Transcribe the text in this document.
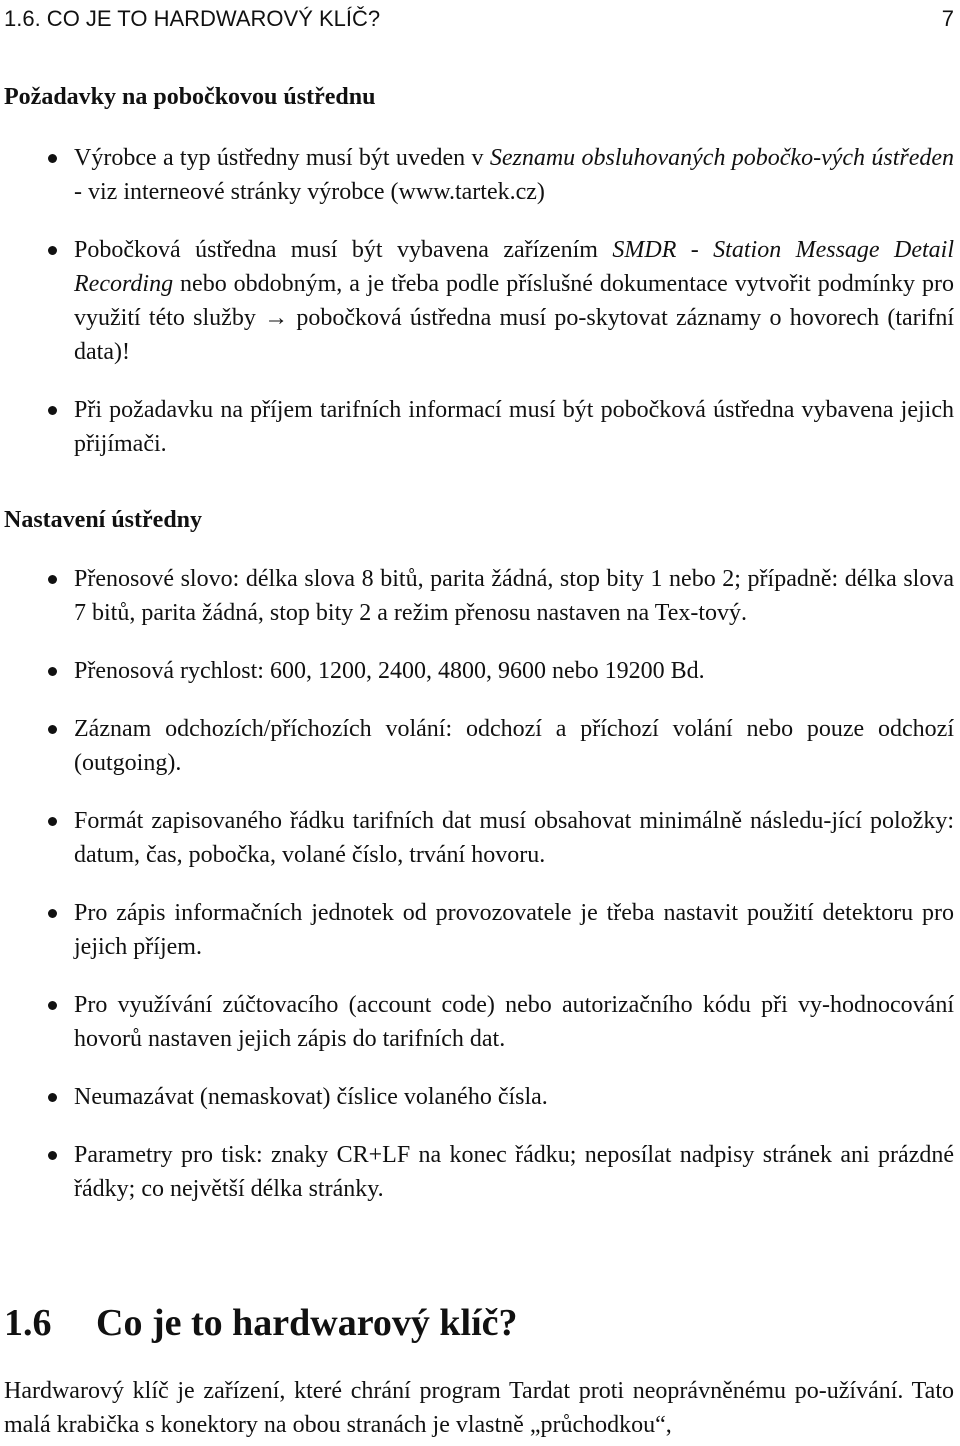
1.6. CO JE TO HARDWAROVÝ KLÍČ?	7
Požadavky na pobočkovou ústřednu
Výrobce a typ ústředny musí být uveden v Seznamu obsluhovaných pobočko-vých ústředen - viz interneové stránky výrobce (www.tartek.cz)
Pobočková ústředna musí být vybavena zařízením SMDR - Station Message Detail Recording nebo obdobným, a je třeba podle příslušné dokumentace vytvořit podmínky pro využití této služby → pobočková ústředna musí po-skytovat záznamy o hovorech (tarifní data)!
Při požadavku na příjem tarifních informací musí být pobočková ústředna vybavena jejich přijímači.
Nastavení ústředny
Přenosové slovo: délka slova 8 bitů, parita žádná, stop bity 1 nebo 2; případně: délka slova 7 bitů, parita žádná, stop bity 2 a režim přenosu nastaven na Tex-tový.
Přenosová rychlost: 600, 1200, 2400, 4800, 9600 nebo 19200 Bd.
Záznam odchozích/příchozích volání: odchozí a příchozí volání nebo pouze odchozí (outgoing).
Formát zapisovaného řádku tarifních dat musí obsahovat minimálně následu-jící položky: datum, čas, pobočka, volané číslo, trvání hovoru.
Pro zápis informačních jednotek od provozovatele je třeba nastavit použití detektoru pro jejich příjem.
Pro využívání zúčtovacího (account code) nebo autorizačního kódu při vy-hodnocování hovorů nastaven jejich zápis do tarifních dat.
Neumazávat (nemaskovat) číslice volaného čísla.
Parametry pro tisk: znaky CR+LF na konec řádku; neposílat nadpisy stránek ani prázdné řádky; co největší délka stránky.
1.6 Co je to hardwarový klíč?

Hardwarový klíč je zařízení, které chrání program Tardat proti neoprávněnému po-užívání. Tato malá krabička s konektory na obou stranách je vlastně „průchodkou“,
